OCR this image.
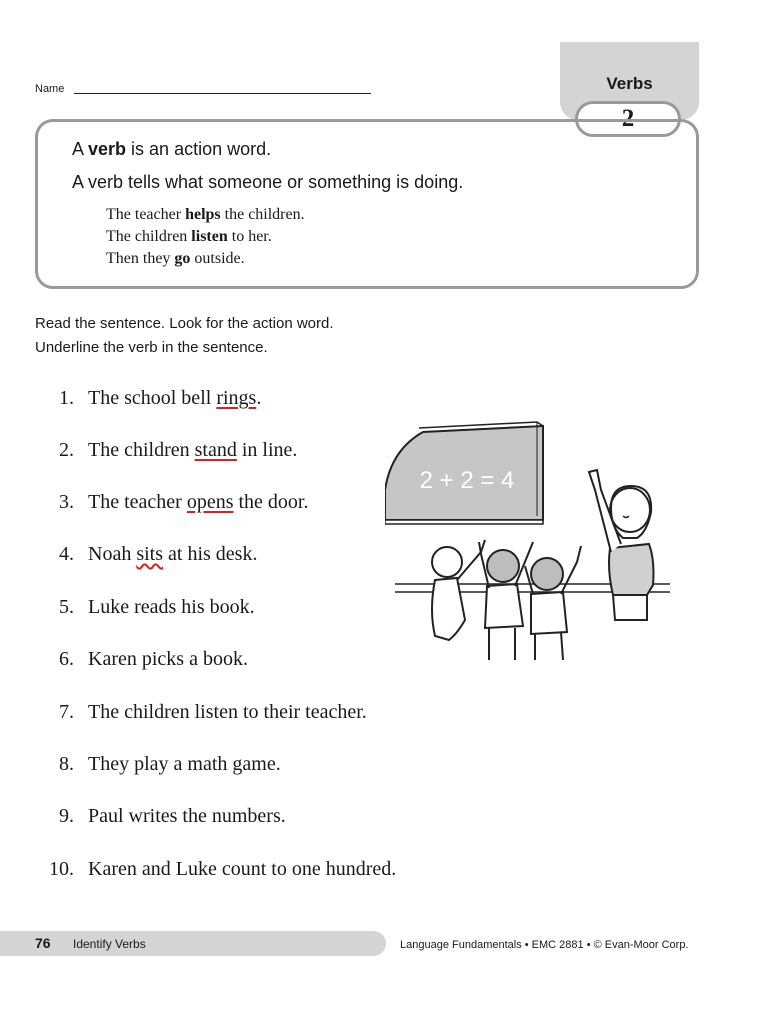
Name	Verbs
2
A verb is an action word.
A verb tells what someone or something is doing.
The teacher helps the children.
The children listen to her.
Then they go outside.
Read the sentence. Look for the action word.
Underline the verb in the sentence.
1. The school bell rings.
2. The children stand in line.
3. The teacher opens the door.
4. Noah sits at his desk.
5. Luke reads his book.
6. Karen picks a book.
7. The children listen to their teacher.
8. They play a math game.
9. Paul writes the numbers.
10. Karen and Luke count to one hundred.
2 + 2 = 4
76 Identify Verbs	Language Fundamentals • EMC 2881 • © Evan-Moor Corp.
